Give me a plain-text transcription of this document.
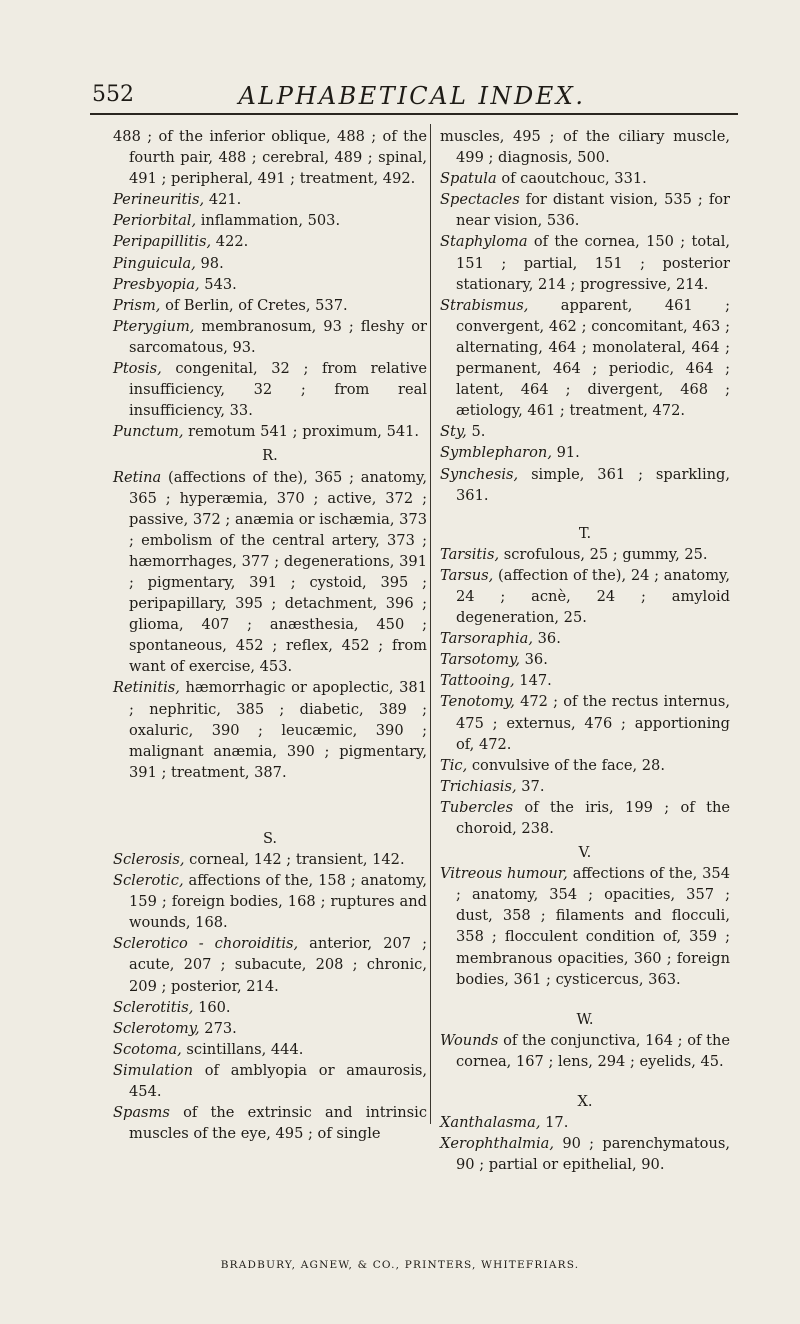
552	ALPHABETICAL INDEX.
488 ; of the inferior oblique, 488 ; of the fourth pair, 488 ; cerebral, 489 ; spinal, 491 ; peripheral, 491 ; treatment, 492.
Perineuritis, 421.
Periorbital, inflammation, 503.
Peripapillitis, 422.
Pinguicula, 98.
Presbyopia, 543.
Prism, of Berlin, of Cretes, 537.
Pterygium, membranosum, 93 ; fleshy or sarcomatous, 93.
Ptosis, congenital, 32 ; from relative insufficiency, 32 ; from real insufficiency, 33.
Punctum, remotum 541 ; proximum, 541.
R.
Retina (affections of the), 365 ; anatomy, 365 ; hyperæmia, 370 ; active, 372 ; passive, 372 ; anæmia or ischæmia, 373 ; embolism of the central artery, 373 ; hæmorrhages, 377 ; degenerations, 391 ; pigmentary, 391 ; cystoid, 395 ; peripapillary, 395 ; detachment, 396 ; glioma, 407 ; anæsthesia, 450 ; spontaneous, 452 ; reflex, 452 ; from want of exercise, 453.
Retinitis, hæmorrhagic or apoplectic, 381 ; nephritic, 385 ; diabetic, 389 ; oxaluric, 390 ; leucæmic, 390 ; malignant anæmia, 390 ; pigmentary, 391 ; treatment, 387.
S.
Sclerosis, corneal, 142 ; transient, 142.
Sclerotic, affections of the, 158 ; anatomy, 159 ; foreign bodies, 168 ; ruptures and wounds, 168.
Sclerotico - choroiditis, anterior, 207 ; acute, 207 ; subacute, 208 ; chronic, 209 ; posterior, 214.
Sclerotitis, 160.
Sclerotomy, 273.
Scotoma, scintillans, 444.
Simulation of amblyopia or amaurosis, 454.
Spasms of the extrinsic and intrinsic muscles of the eye, 495 ; of single
muscles, 495 ; of the ciliary muscle, 499 ; diagnosis, 500.
Spatula of caoutchouc, 331.
Spectacles for distant vision, 535 ; for near vision, 536.
Staphyloma of the cornea, 150 ; total, 151 ; partial, 151 ; posterior stationary, 214 ; progressive, 214.
Strabismus, apparent, 461 ; convergent, 462 ; concomitant, 463 ; alternating, 464 ; monolateral, 464 ; permanent, 464 ; periodic, 464 ; latent, 464 ; divergent, 468 ; ætiology, 461 ; treatment, 472.
Sty, 5.
Symblepharon, 91.
Synchesis, simple, 361 ; sparkling, 361.
T.
Tarsitis, scrofulous, 25 ; gummy, 25.
Tarsus, (affection of the), 24 ; anatomy, 24 ; acnè, 24 ; amyloid degeneration, 25.
Tarsoraphia, 36.
Tarsotomy, 36.
Tattooing, 147.
Tenotomy, 472 ; of the rectus internus, 475 ; externus, 476 ; apportioning of, 472.
Tic, convulsive of the face, 28.
Trichiasis, 37.
Tubercles of the iris, 199 ; of the choroid, 238.
V.
Vitreous humour, affections of the, 354 ; anatomy, 354 ; opacities, 357 ; dust, 358 ; filaments and flocculi, 358 ; flocculent condition of, 359 ; membranous opacities, 360 ; foreign bodies, 361 ; cysticercus, 363.
W.
Wounds of the conjunctiva, 164 ; of the cornea, 167 ; lens, 294 ; eyelids, 45.
X.
Xanthalasma, 17.
Xerophthalmia, 90 ; parenchymatous, 90 ; partial or epithelial, 90.
BRADBURY, AGNEW, & CO., PRINTERS, WHITEFRIARS.
